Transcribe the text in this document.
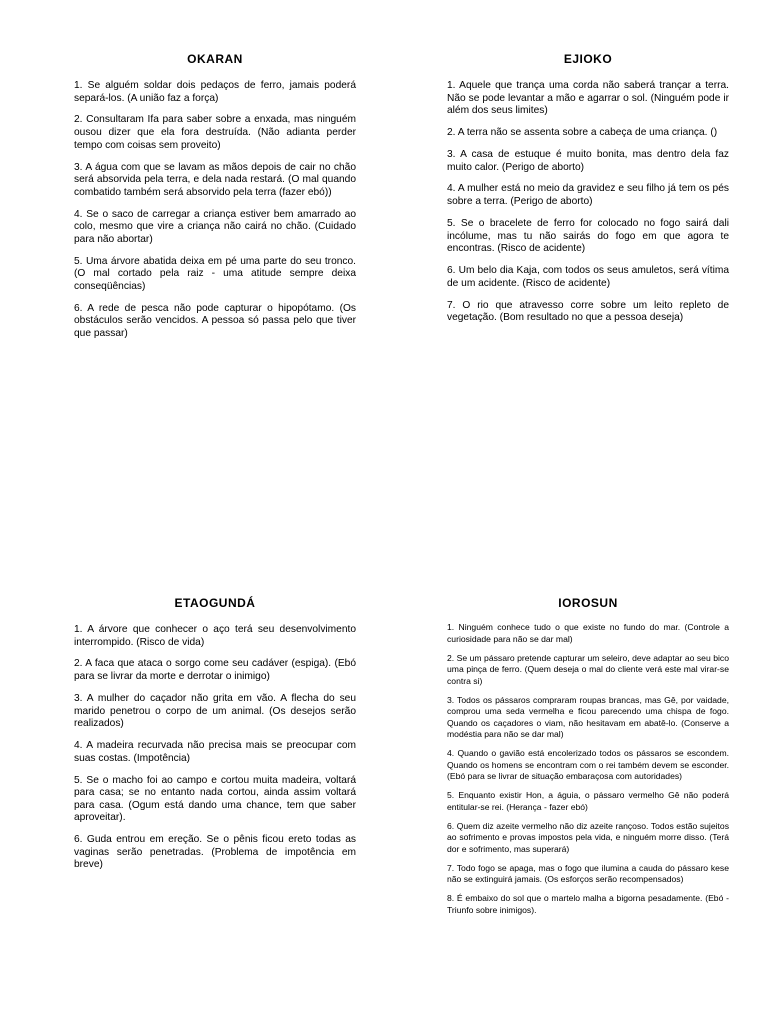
OKARAN

1. Se alguém soldar dois pedaços de ferro, jamais poderá separá-los. (A união faz a força)

2. Consultaram Ifa para saber sobre a enxada, mas ninguém ousou dizer que ela fora destruída. (Não adianta perder tempo com coisas sem proveito)

3. A água com que se lavam as mãos depois de cair no chão será absorvida pela terra, e dela nada restará. (O mal quando combatido também será absorvido pela terra (fazer ebó))

4. Se o saco de carregar a criança estiver bem amarrado ao colo, mesmo que vire a criança não cairá no chão. (Cuidado para não abortar)

5. Uma árvore abatida deixa em pé uma parte do seu tronco. (O mal cortado pela raiz - uma atitude sempre deixa conseqüências)

6. A rede de pesca não pode capturar o hipopótamo. (Os obstáculos serão vencidos. A pessoa só passa pelo que tiver que passar)

EJIOKO

1. Aquele que trança uma corda não saberá trançar a terra. Não se pode levantar a mão e agarrar o sol. (Ninguém pode ir além dos seus limites)

2. A terra não se assenta sobre a cabeça de uma criança. ()

3. A casa de estuque é muito bonita, mas dentro dela faz muito calor. (Perigo de aborto)

4. A mulher está no meio da gravidez e seu filho já tem os pés sobre a terra. (Perigo de aborto)

5. Se o bracelete de ferro for colocado no fogo sairá dali incólume, mas tu não sairás do fogo em que agora te encontras. (Risco de acidente)

6. Um belo dia Kaja, com todos os seus amuletos, será vítima de um acidente. (Risco de acidente)

7. O rio que atravesso corre sobre um leito repleto de vegetação. (Bom resultado no que a pessoa deseja)

ETAOGUNDÁ

1. A árvore que conhecer o aço terá seu desenvolvimento interrompido. (Risco de vida)

2. A faca que ataca o sorgo come seu cadáver (espiga). (Ebó para se livrar da morte e derrotar o inimigo)

3. A mulher do caçador não grita em vão. A flecha do seu marido penetrou o corpo de um animal. (Os desejos serão realizados)

4. A madeira recurvada não precisa mais se preocupar com suas costas. (Impotência)

5. Se o macho foi ao campo e cortou muita madeira, voltará para casa; se no entanto nada cortou, ainda assim voltará para casa. (Ogum está dando uma chance, tem que saber aproveitar).

6. Guda entrou em ereção. Se o pênis ficou ereto todas as vaginas serão penetradas. (Problema de impotência em breve)

IOROSUN

1. Ninguém conhece tudo o que existe no fundo do mar. (Controle a curiosidade para não se dar mal)

2. Se um pássaro pretende capturar um seleiro, deve adaptar ao seu bico uma pinça de ferro. (Quem deseja o mal do cliente verá este mal virar-se contra si)

3. Todos os pássaros compraram roupas brancas, mas Gê, por vaidade, comprou uma seda vermelha e ficou parecendo uma chispa de fogo. Quando os caçadores o viam, não hesitavam em abatê-lo. (Conserve a modéstia para não se dar mal)

4. Quando o gavião está encolerizado todos os pássaros se escondem. Quando os homens se encontram com o rei também devem se esconder. (Ebó para se livrar de situação embaraçosa com autoridades)

5. Enquanto existir Hon, a águia, o pássaro vermelho Gê não poderá entitular-se rei. (Herança - fazer ebó)

6. Quem diz azeite vermelho não diz azeite rançoso. Todos estão sujeitos ao sofrimento e provas impostos pela vida, e ninguém morre disso. (Terá dor e sofrimento, mas superará)

7. Todo fogo se apaga, mas o fogo que ilumina a cauda do pássaro kese não se extinguirá jamais. (Os esforços serão recompensados)

8. É embaixo do sol que o martelo malha a bigorna pesadamente. (Ebó - Triunfo sobre inimigos).
